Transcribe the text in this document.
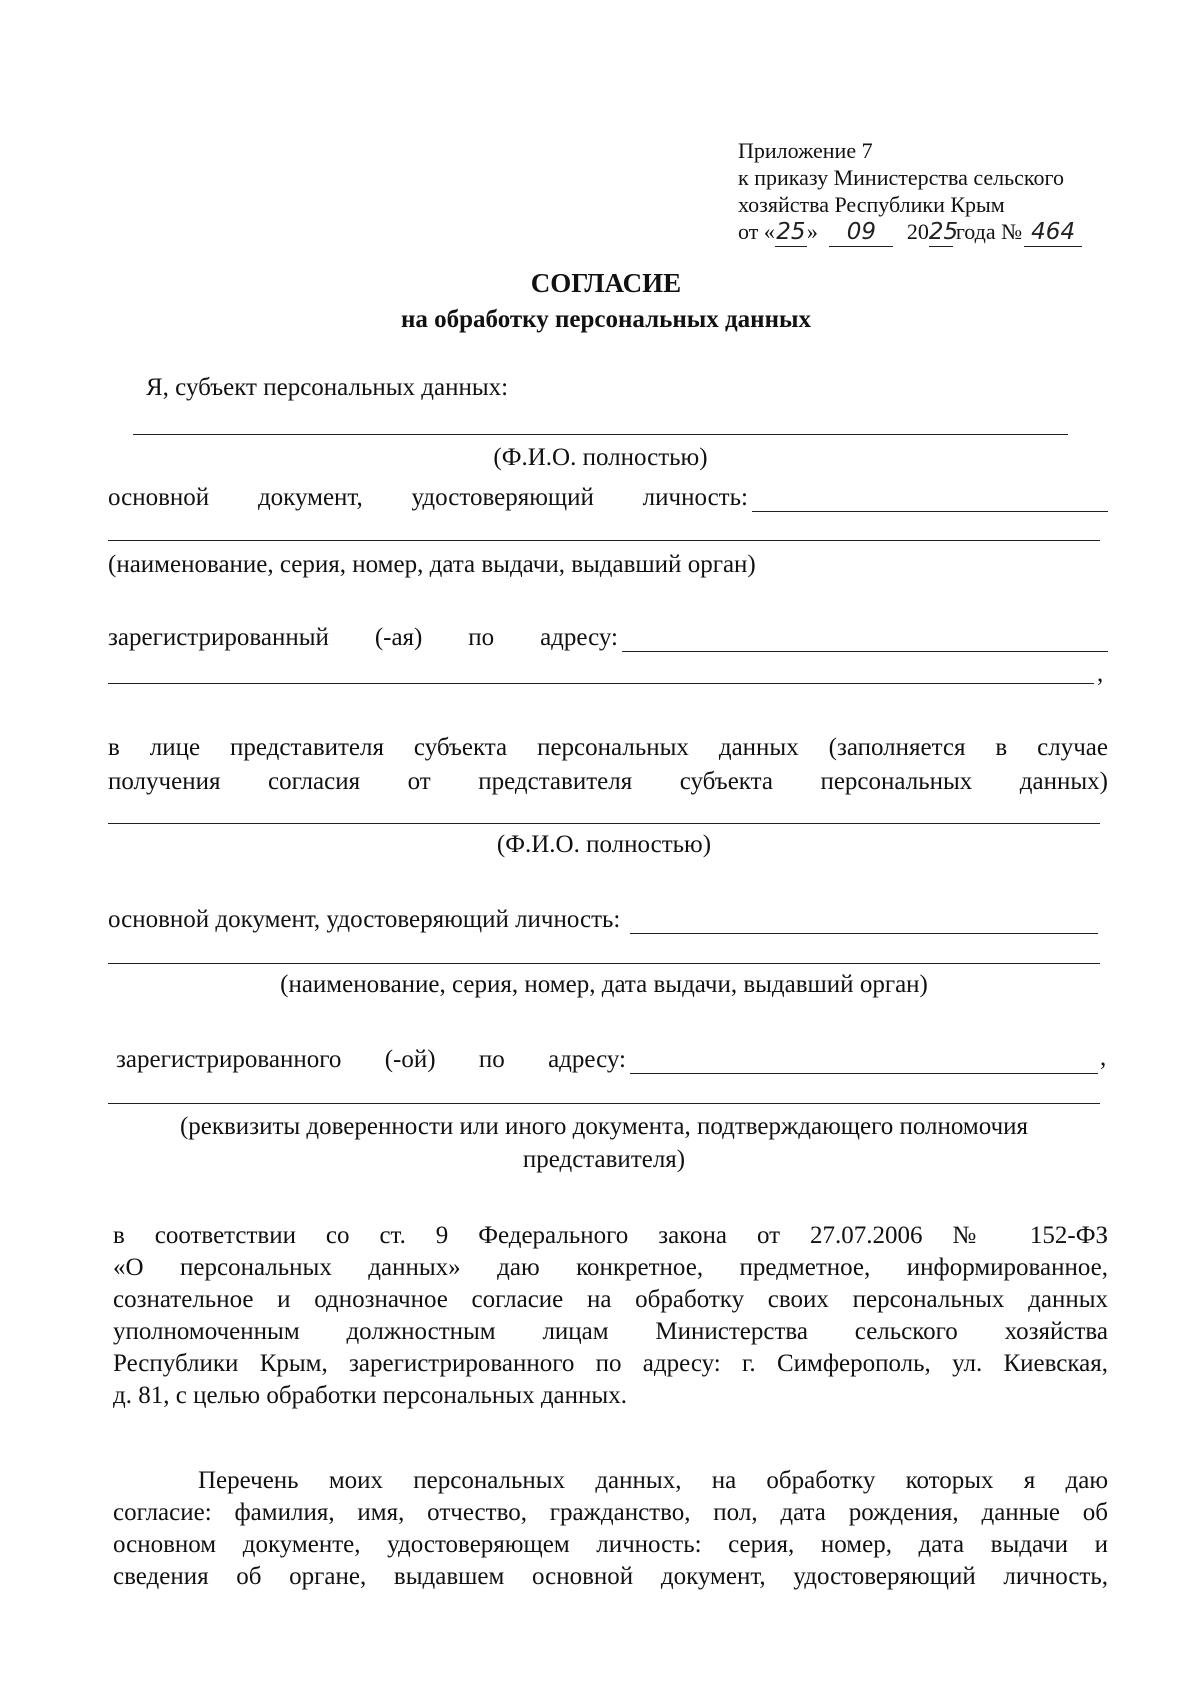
Приложение 7
к приказу Министерства сельского
хозяйства Республики Крым
от «25» 09 2025года № 464
СОГЛАСИЕ
на обработку персональных данных
Я, субъект персональных данных:
(Ф.И.О. полностью)
основной документ, удостоверяющий личность:
(наименование, серия, номер, дата выдачи, выдавший орган)
зарегистрированный (-ая) по адресу:
,
в лице представителя субъекта персональных данных (заполняется в случае
получения согласия от представителя субъекта персональных данных)
(Ф.И.О. полностью)
основной документ, удостоверяющий личность:
(наименование, серия, номер, дата выдачи, выдавший орган)
зарегистрированного (-ой) по адресу:	,
(реквизиты доверенности или иного документа, подтверждающего полномочия
представителя)
в соответствии со ст. 9 Федерального закона от 27.07.2006 № 152-ФЗ
«О персональных данных» даю конкретное, предметное, информированное,
сознательное и однозначное согласие на обработку своих персональных данных
уполномоченным должностным лицам Министерства сельского хозяйства
Республики Крым, зарегистрированного по адресу: г. Симферополь, ул. Киевская,
д. 81, с целью обработки персональных данных.
Перечень моих персональных данных, на обработку которых я даю
согласие: фамилия, имя, отчество, гражданство, пол, дата рождения, данные об
основном документе, удостоверяющем личность: серия, номер, дата выдачи и
сведения об органе, выдавшем основной документ, удостоверяющий личность,
